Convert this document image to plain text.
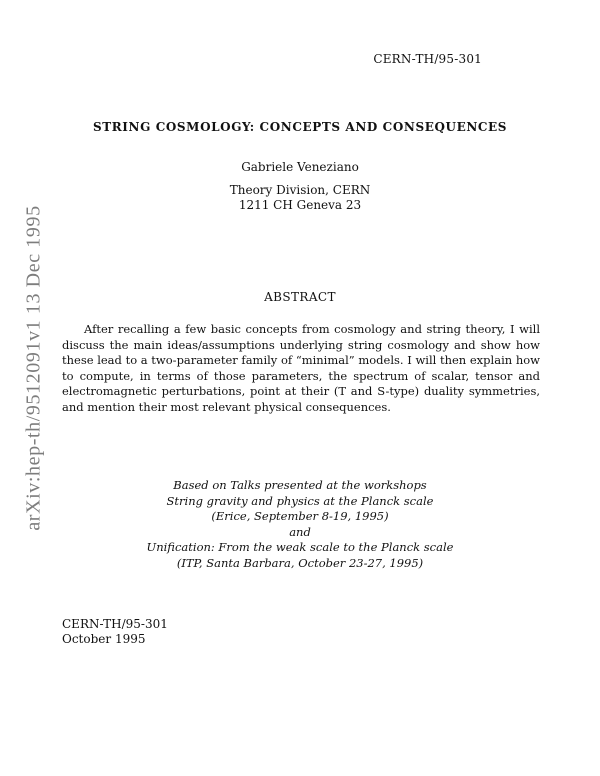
CERN-TH/95-301
arXiv:hep-th/9512091v1 13 Dec 1995
STRING COSMOLOGY: CONCEPTS AND CONSEQUENCES
Gabriele Veneziano
Theory Division, CERN
1211 CH Geneva 23
ABSTRACT

After recalling a few basic concepts from cosmology and string theory, I will discuss the main ideas/assumptions underlying string cosmology and show how these lead to a two-parameter family of “minimal” models. I will then explain how to compute, in terms of those parameters, the spectrum of scalar, tensor and electromagnetic perturbations, point at their (T and S-type) duality symmetries, and mention their most relevant physical consequences.

Based on Talks presented at the workshops
String gravity and physics at the Planck scale
(Erice, September 8-19, 1995)
and
Unification: From the weak scale to the Planck scale
(ITP, Santa Barbara, October 23-27, 1995)
CERN-TH/95-301
October 1995
